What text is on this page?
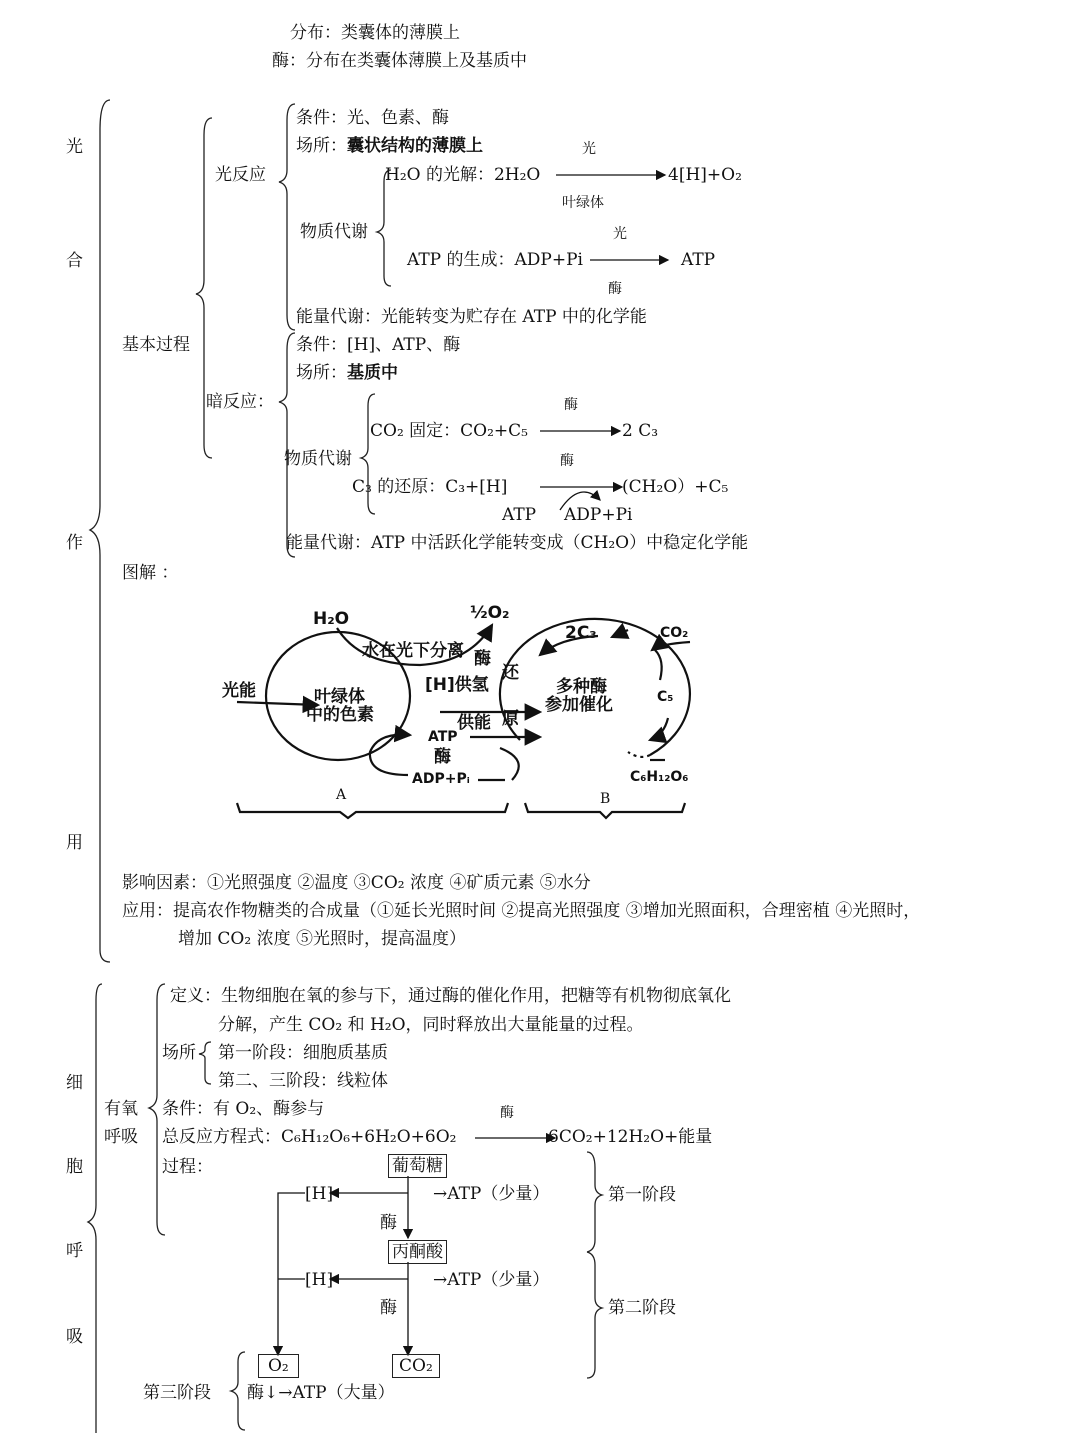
分布：类囊体的薄膜上
酶：分布在类囊体薄膜上及基质中
光
合
作
用
基本过程
光反应
暗反应：
条件：光、色素、酶
场所：囊状结构的薄膜上
物质代谢
H₂O 的光解：2H₂O	4[H]+O₂
光
叶绿体
ATP 的生成：ADP+Pi	ATP
光
酶
能量代谢：光能转变为贮存在 ATP 中的化学能
条件：[H]、ATP、酶
场所：基质中
物质代谢
酶
CO₂ 固定：CO₂+C₅	2 C₃
酶
C₃ 的还原：C₃+[H]	(CH₂O）+C₅
ATP ADP+Pi
能量代谢：ATP 中活跃化学能转变成（CH₂O）中稳定化学能
图解 ：
H₂O	½O₂
水在光下分离
光能	叶绿体
中的色素
[H]供氢
酶
还
原
供能
ATP
酶
ADP+Pᵢ
2C₃	CO₂
多种酶
参加催化	C₅
C₆H₁₂O₆
A	B
影响因素：①光照强度 ②温度 ③CO₂ 浓度 ④矿质元素 ⑤水分
应用：提高农作物糖类的合成量（①延长光照时间 ②提高光照强度 ③增加光照面积，合理密植 ④光照时，
增加 CO₂ 浓度 ⑤光照时，提高温度）
细
胞
呼
吸
有氧
呼吸
定义：生物细胞在氧的参与下，通过酶的催化作用，把糖等有机物彻底氧化
分解，产生 CO₂ 和 H₂O，同时释放出大量能量的过程。
场所 第一阶段：细胞质基质
第二、三阶段：线粒体
条件：有 O₂、酶参与	酶
总反应方程式：C₆H₁₂O₆+6H₂O+6O₂	6CO₂+12H₂O+能量
过程：	葡萄糖
[H]	→ATP（少量）
酶
丙酮酸
[H]	→ATP（少量）
酶
O₂	CO₂
第一阶段
第二阶段
第三阶段 酶↓→ATP（大量）
